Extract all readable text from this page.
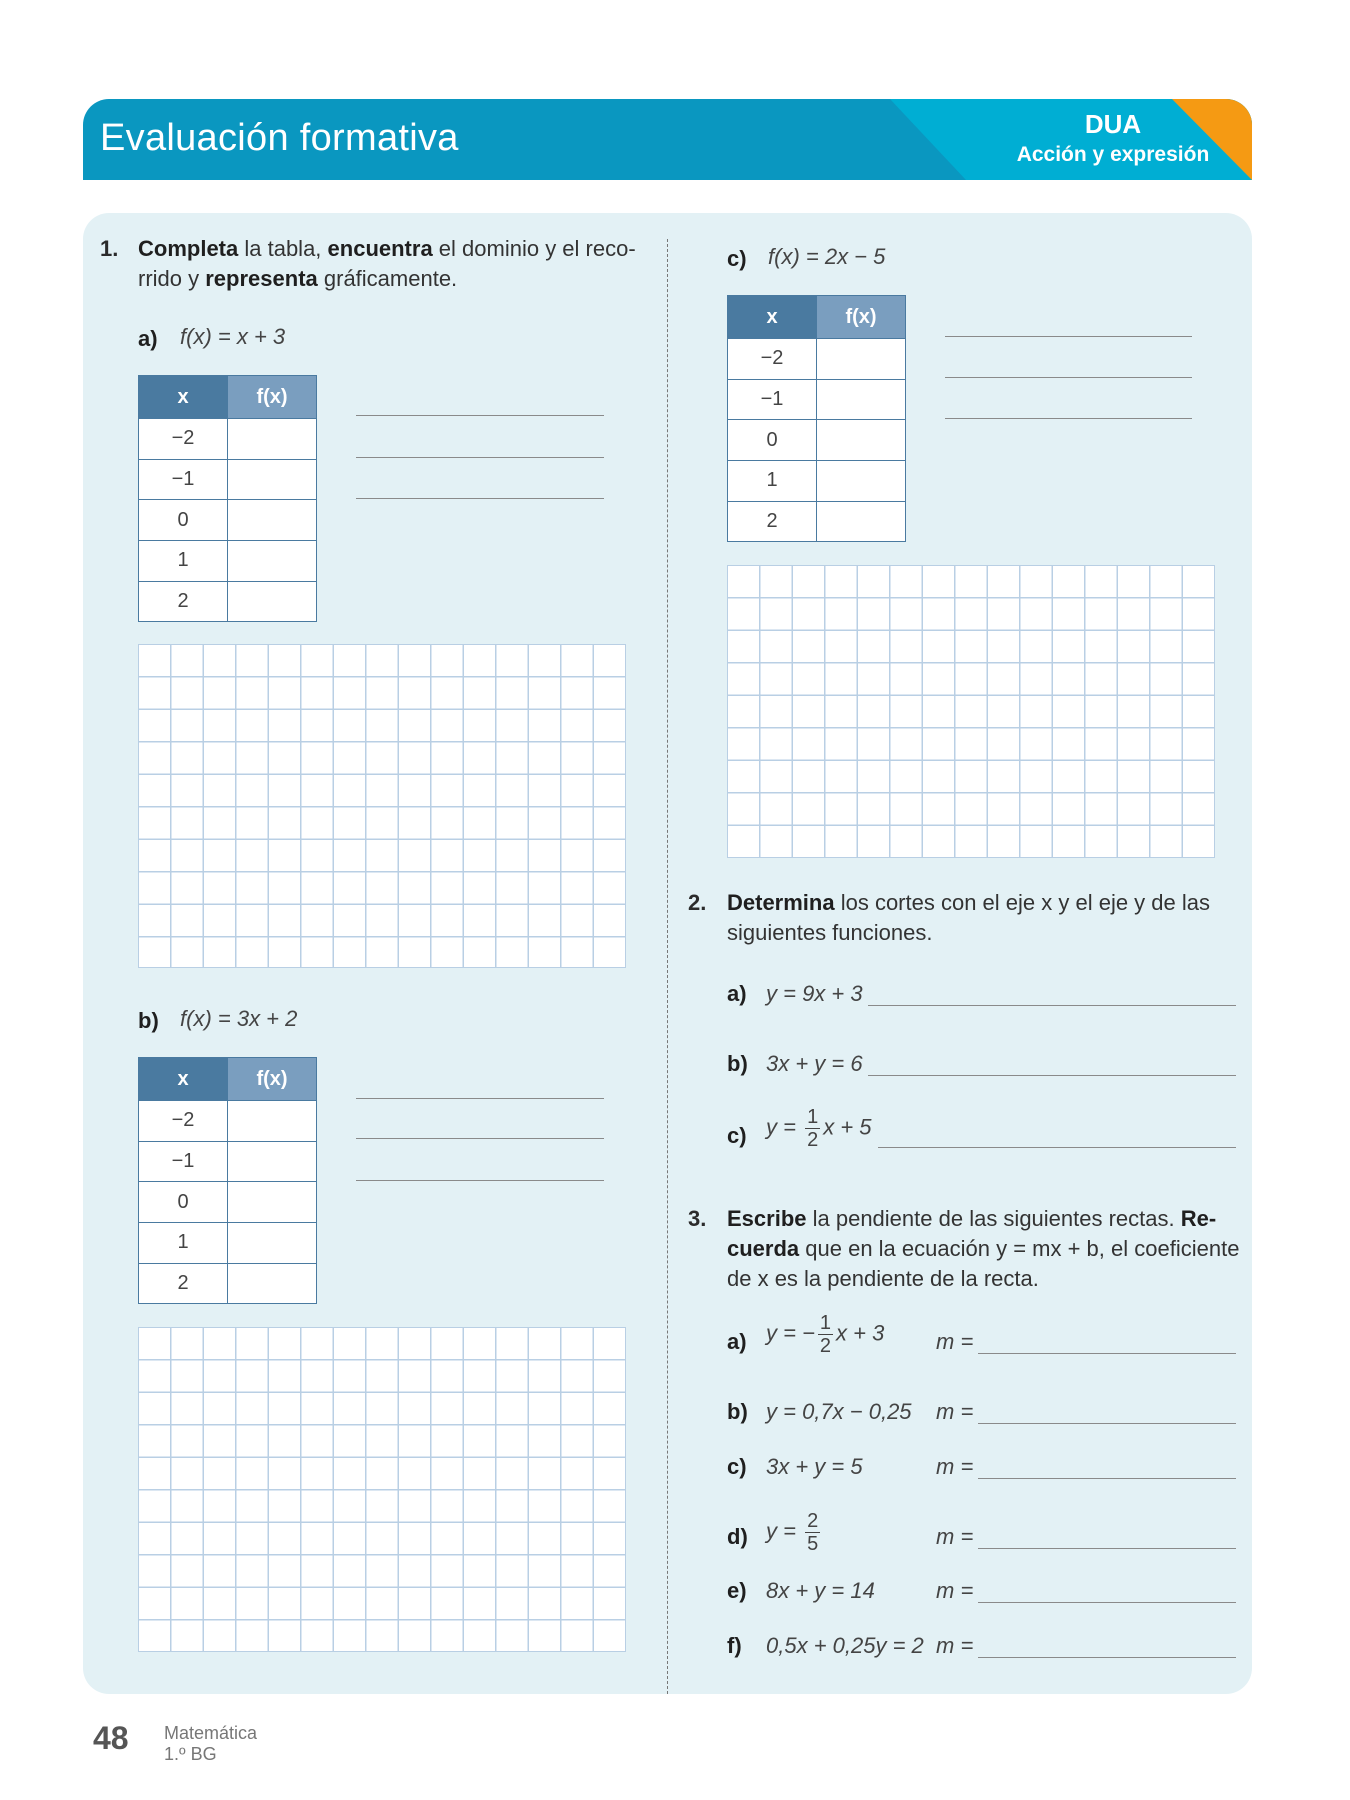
Evaluación formativa	DUA
Acción y expresión
1. Completa la tabla, encuentra el dominio y el reco-
rrido y representa gráficamente.
a) f(x) = x + 3
x	f(x)
−2	
−1	
0	
1	
2	
b) f(x) = 3x + 2
x	f(x)
−2	
−1	
0	
1	
2	
c) f(x) = 2x − 5
x	f(x)
−2	
−1	
0	
1	
2	
2. Determina los cortes con el eje x y el eje y de las
siguientes funciones.
a) y = 9x + 3
b) 3x + y = 6
c) $y = \frac{1}{2}$ x + 5
3. Escribe la pendiente de las siguientes rectas. Re-
cuerda que en la ecuación y = mx + b, el coeficiente
de x es la pendiente de la recta.
a) y = − $\frac{1}{2}$ x + 3 m =
b) y = 0,7x − 0,25 m =
c) 3x + y = 5	m =
d) $y = \frac{2}{5}$	m =
e) 8x + y = 14	m =
f) 0,5x + 0,25y = 2 m =
48 Matemática
1.º BG
